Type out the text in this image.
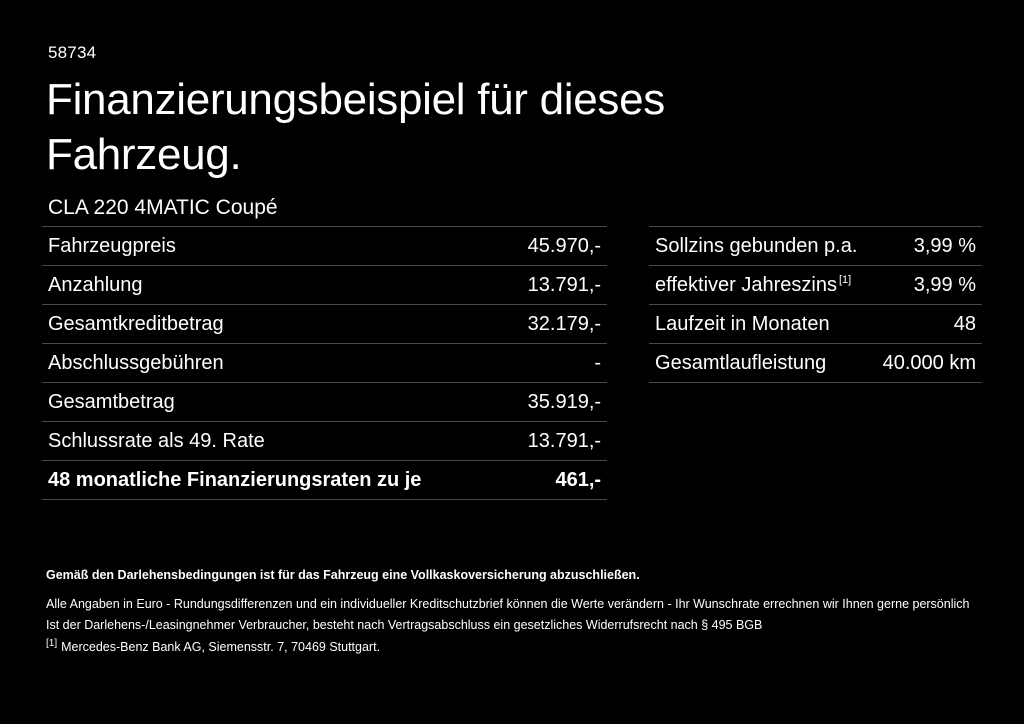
58734
Finanzierungsbeispiel für dieses Fahrzeug.
CLA 220 4MATIC Coupé
Fahrzeugpreis	45.970,-
Anzahlung	13.791,-
Gesamtkreditbetrag	32.179,-
Abschlussgebühren	-
Gesamtbetrag	35.919,-
Schlussrate als 49. Rate	13.791,-
48 monatliche Finanzierungsraten zu je	461,-
Sollzins gebunden p.a.	3,99 %
effektiver Jahreszins [1]	3,99 %
Laufzeit in Monaten	48
Gesamtlaufleistung	40.000 km
Gemäß den Darlehensbedingungen ist für das Fahrzeug eine Vollkaskoversicherung abzuschließen.
Alle Angaben in Euro - Rundungsdifferenzen und ein individueller Kreditschutzbrief können die Werte verändern - Ihr Wunschrate errechnen wir Ihnen gerne persönlich
Ist der Darlehens-/Leasingnehmer Verbraucher, besteht nach Vertragsabschluss ein gesetzliches Widerrufsrecht nach § 495 BGB
[1] Mercedes-Benz Bank AG, Siemensstr. 7, 70469 Stuttgart.
